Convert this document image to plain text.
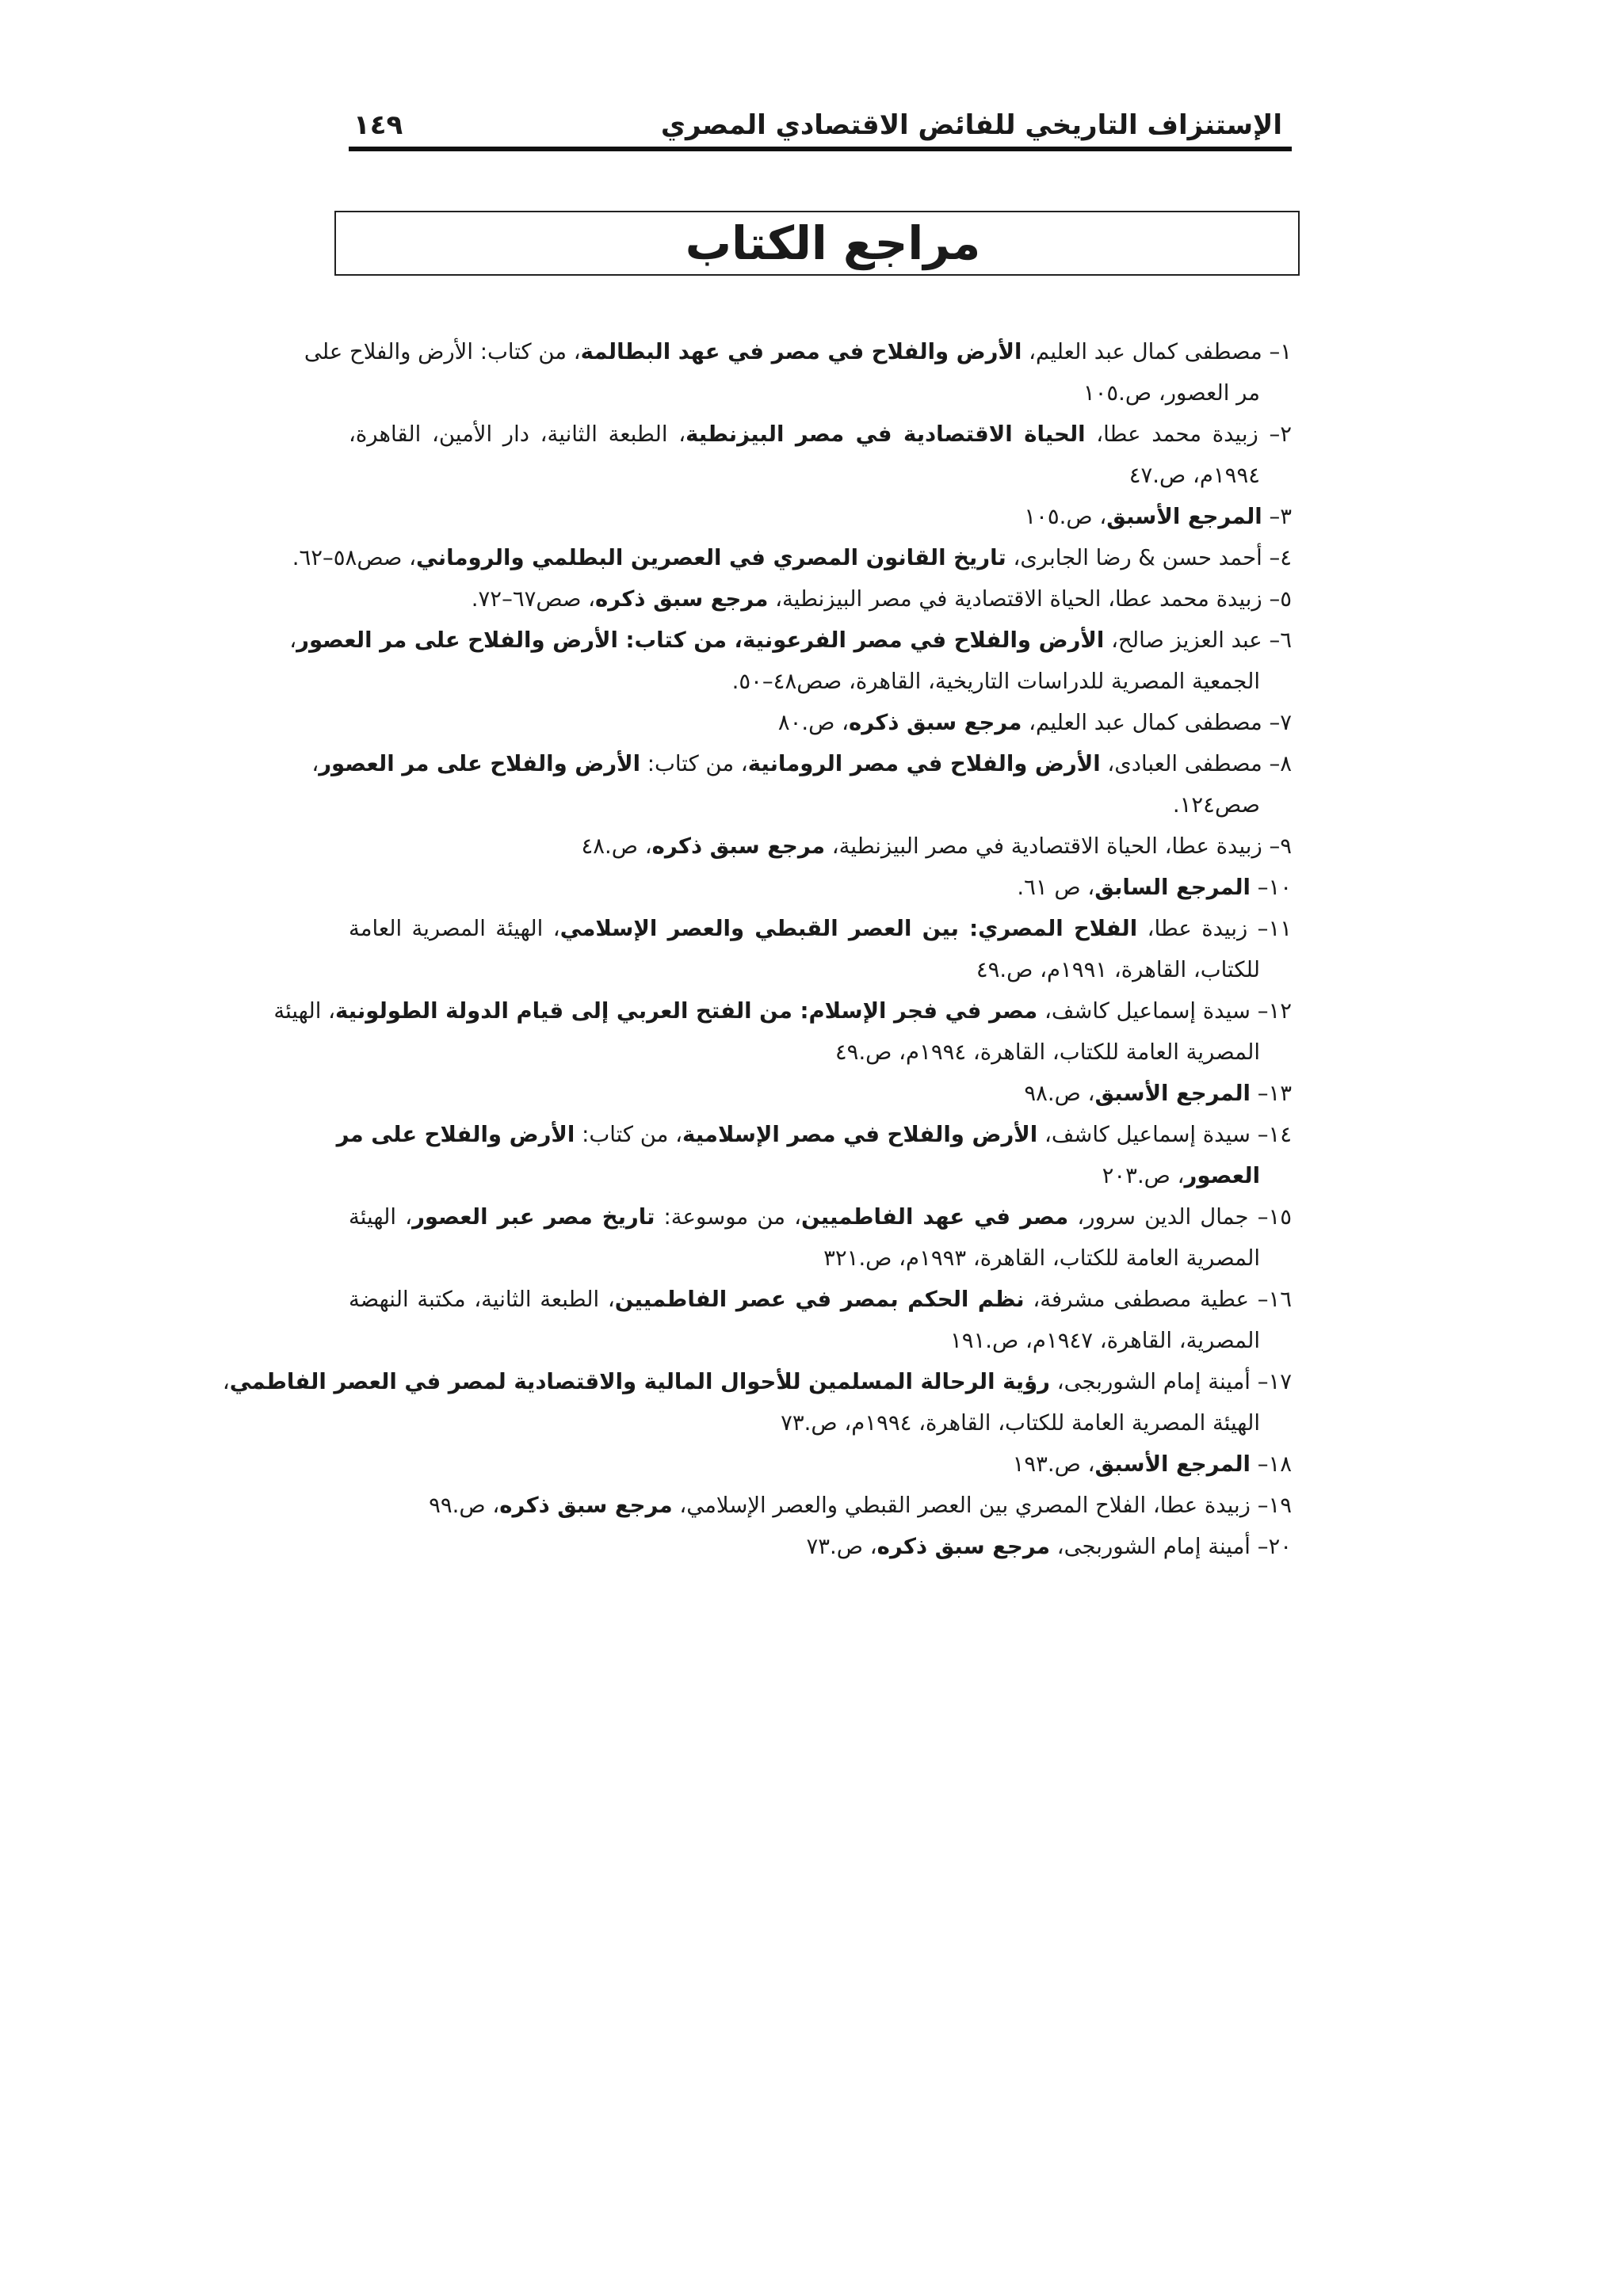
الإستنزاف التاريخي للفائض الاقتصادي المصري
١٤٩
مراجع الكتاب
١– مصطفى كمال عبد العليم، الأرض والفلاح في مصر في عهد البطالمة، من كتاب: الأرض والفلاح على
مر العصور، ص.١٠٥
٢– زبيدة محمد عطا، الحياة الاقتصادية في مصر البيزنطية، الطبعة الثانية، دار الأمين، القاهرة،
١٩٩٤م، ص.٤٧
٣– المرجع الأسبق، ص.١٠٥
٤– أحمد حسن & رضا الجابرى، تاريخ القانون المصري في العصرين البطلمي والروماني، صص٥٨–٦٢.
٥– زبيدة محمد عطا، الحياة الاقتصادية في مصر البيزنطية، مرجع سبق ذكره، صص٦٧–٧٢.
٦– عبد العزيز صالح، الأرض والفلاح في مصر الفرعونية، من كتاب: الأرض والفلاح على مر العصور،
الجمعية المصرية للدراسات التاريخية، القاهرة، صص٤٨–٥٠.
٧– مصطفى كمال عبد العليم، مرجع سبق ذكره، ص.٨٠
٨– مصطفى العبادى، الأرض والفلاح في مصر الرومانية، من كتاب: الأرض والفلاح على مر العصور،
صص١٢٤.
٩– زبيدة عطا، الحياة الاقتصادية في مصر البيزنطية، مرجع سبق ذكره، ص.٤٨
١٠– المرجع السابق، ص ٦١.
١١– زبيدة عطا، الفلاح المصري: بين العصر القبطي والعصر الإسلامي، الهيئة المصرية العامة
للكتاب، القاهرة، ١٩٩١م، ص.٤٩
١٢– سيدة إسماعيل كاشف، مصر في فجر الإسلام: من الفتح العربي إلى قيام الدولة الطولونية، الهيئة
المصرية العامة للكتاب، القاهرة، ١٩٩٤م، ص.٤٩
١٣– المرجع الأسبق، ص.٩٨
١٤– سيدة إسماعيل كاشف، الأرض والفلاح في مصر الإسلامية، من كتاب: الأرض والفلاح على مر
العصور، ص.٢٠٣
١٥– جمال الدين سرور، مصر في عهد الفاطميين، من موسوعة: تاريخ مصر عبر العصور، الهيئة
المصرية العامة للكتاب، القاهرة، ١٩٩٣م، ص.٣٢١
١٦– عطية مصطفى مشرفة، نظم الحكم بمصر في عصر الفاطميين، الطبعة الثانية، مكتبة النهضة
المصرية، القاهرة، ١٩٤٧م، ص.١٩١
١٧– أمينة إمام الشوربجى، رؤية الرحالة المسلمين للأحوال المالية والاقتصادية لمصر في العصر الفاطمي،
الهيئة المصرية العامة للكتاب، القاهرة، ١٩٩٤م، ص.٧٣
١٨– المرجع الأسبق، ص.١٩٣
١٩– زبيدة عطا، الفلاح المصري بين العصر القبطي والعصر الإسلامي، مرجع سبق ذكره، ص.٩٩
٢٠– أمينة إمام الشوربجى، مرجع سبق ذكره، ص.٧٣
